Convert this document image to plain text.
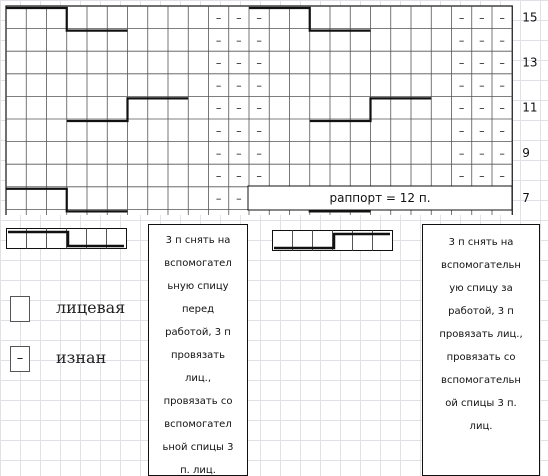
–
–
–
–
–
–
–
–
–
–
–
–
–
–
–
–
–
–
–
–
–
–
–
–
–
–
–
–
–
–
–
–
–
–
–
–
–
–
–
–
–
–
–
–
–
–
–
–
–
–
15
13
11
9
7
раппорт = 12 п.
лицевая
–	изнан

3 п снять на

вспомогател

ьную спицу

перед

работой, 3 п

провязать

лиц.,

провязать со

вспомогател

ьной спицы 3

п. лиц.

3 п снять на

вспомогательн

ую спицу за

работой, 3 п

провязать лиц.,

провязать со

вспомогательн

ой спицы 3 п.

лиц.
